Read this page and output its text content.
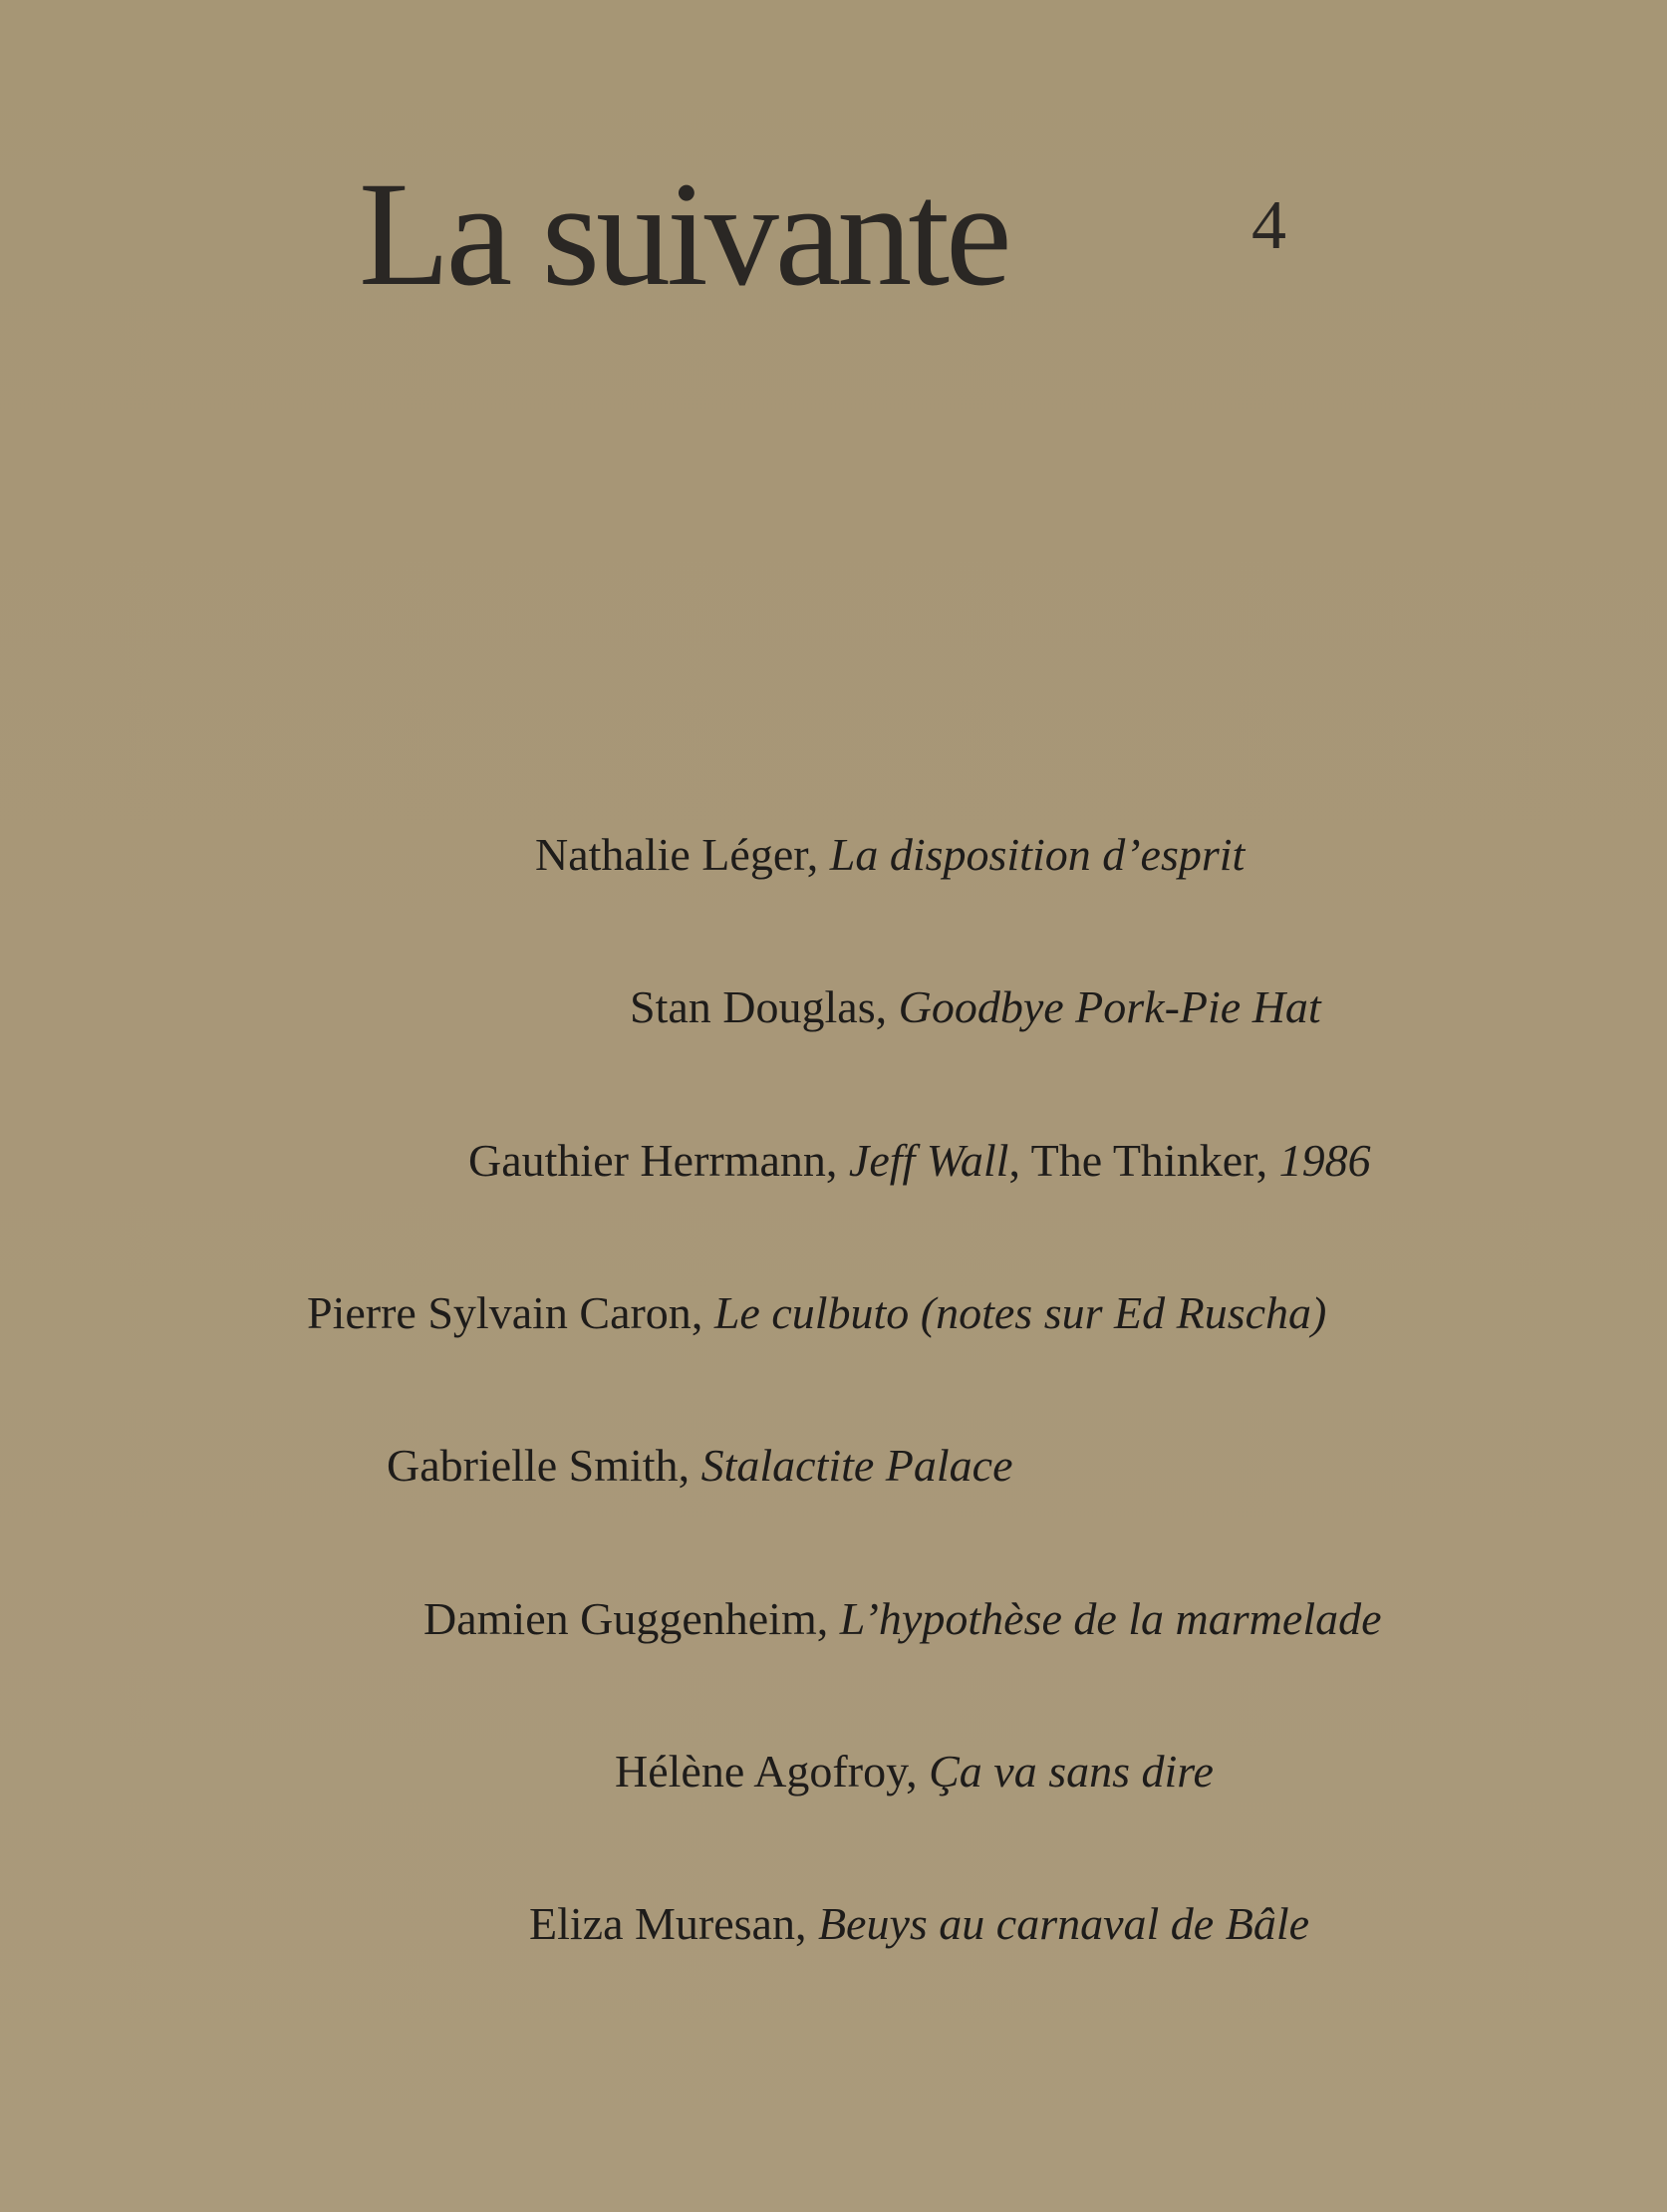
La suivante	4
Nathalie Léger, La disposition d’esprit
Stan Douglas, Goodbye Pork-Pie Hat
Gauthier Herrmann, Jeff Wall, The Thinker, 1986
Pierre Sylvain Caron, Le culbuto (notes sur Ed Ruscha)
Gabrielle Smith, Stalactite Palace
Damien Guggenheim, L’hypothèse de la marmelade
Hélène Agofroy, Ça va sans dire
Eliza Muresan, Beuys au carnaval de Bâle
